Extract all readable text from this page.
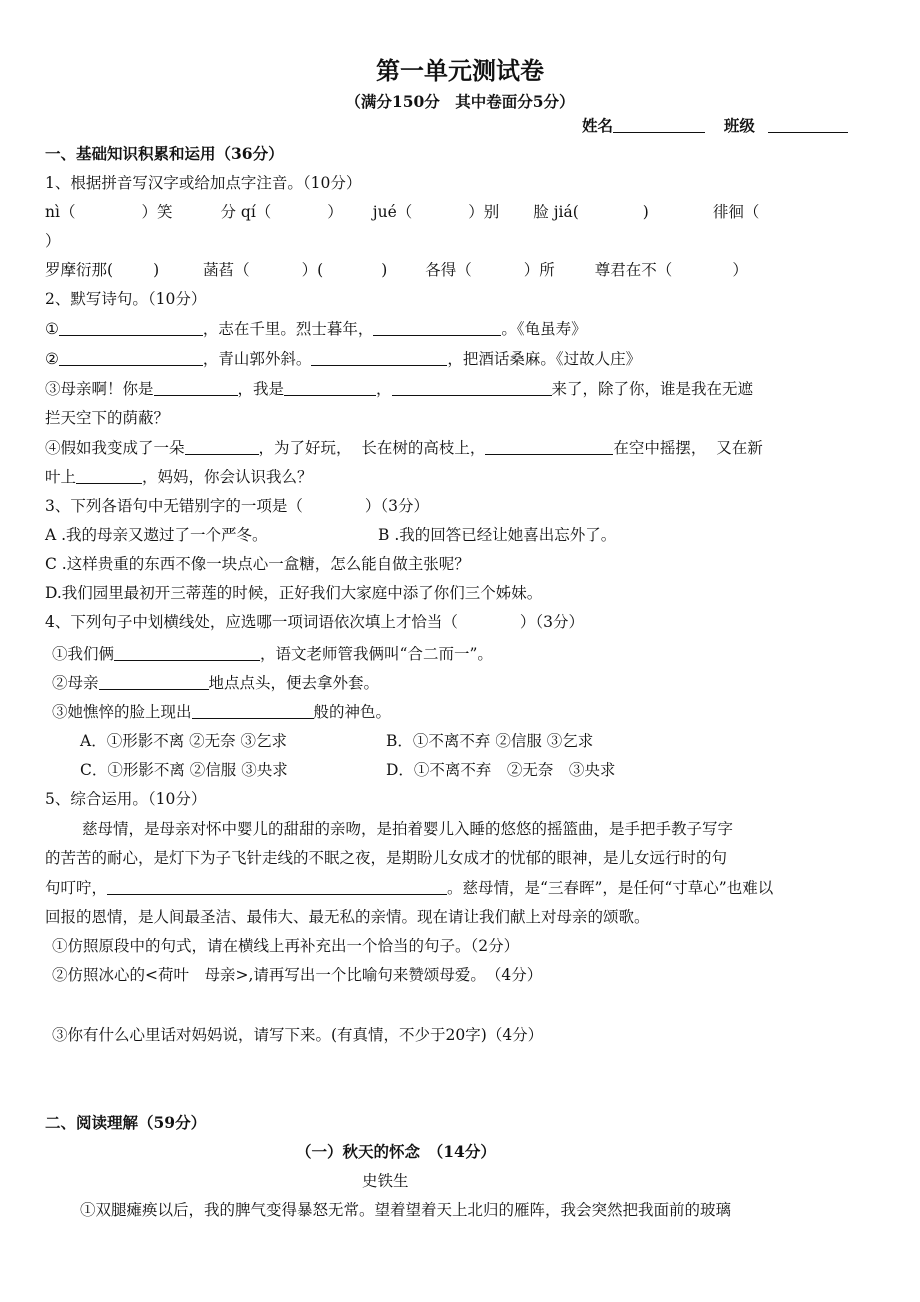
第一单元测试卷
（满分150分　其中卷面分5分）
姓名	班级
一、基础知识积累和运用（36分）
1、根据拼音写汉字或给加点字注音。（10分）
nì（	）笑	分 qí（	） jué（	）别 脸 jiá(	)	徘徊（
）
罗摩衍那(	)	菡萏（	）(	) 各得（	）所	尊君在不（	）
2、默写诗句。（10分）
①	，志在千里。烈士暮年，	。《龟虽寿》
②	，青山郭外斜。	，把酒话桑麻。《过故人庄》
③母亲啊！你是	，我是	，	来了，除了你，谁是我在无遮
拦天空下的荫蔽？
④假如我变成了一朵	，为了好玩，  长在树的高枝上，	在空中摇摆，  又在新
叶上	，妈妈，你会认识我么？
3、下列各语句中无错别字的一项是（　　　　）（3分）
A .我的母亲又遨过了一个严冬。	B .我的回答已经让她喜出忘外了。
C .这样贵重的东西不像一块点心一盒糖，怎么能自做主张呢？
D.我们园里最初开三蒂莲的时候，正好我们大家庭中添了你们三个姊妹。
4、下列句子中划横线处，应选哪一项词语依次填上才恰当（　　　　）（3分）
①我们俩	，语文老师管我俩叫“合二而一”。
②母亲	地点点头，便去拿外套。
③她憔悴的脸上现出	般的神色。
A．①形影不离 ②无奈 ③乞求	B．①不离不弃 ②信服 ③乞求
C．①形影不离 ②信服 ③央求	D．①不离不弃　②无奈　③央求
5、综合运用。（10分）
慈母情，是母亲对怀中婴儿的甜甜的亲吻，是拍着婴儿入睡的悠悠的摇篮曲，是手把手教子写字
的苦苦的耐心，是灯下为子飞针走线的不眠之夜，是期盼儿女成才的忧郁的眼神，是儿女远行时的句
句叮咛，	。慈母情，是“三春晖”，是任何“寸草心”也难以
回报的恩情，是人间最圣洁、最伟大、最无私的亲情。现在请让我们献上对母亲的颂歌。
①仿照原段中的句式，请在横线上再补充出一个恰当的句子。（2分）
②仿照冰心的<荷叶　母亲>,请再写出一个比喻句来赞颂母爱。　（4分）
③你有什么心里话对妈妈说，请写下来。(有真情，不少于20字)（4分）
二、阅读理解（59分）
（一）秋天的怀念　（14分）
史铁生
①双腿瘫痪以后，我的脾气变得暴怒无常。望着望着天上北归的雁阵，我会突然把我面前的玻璃
